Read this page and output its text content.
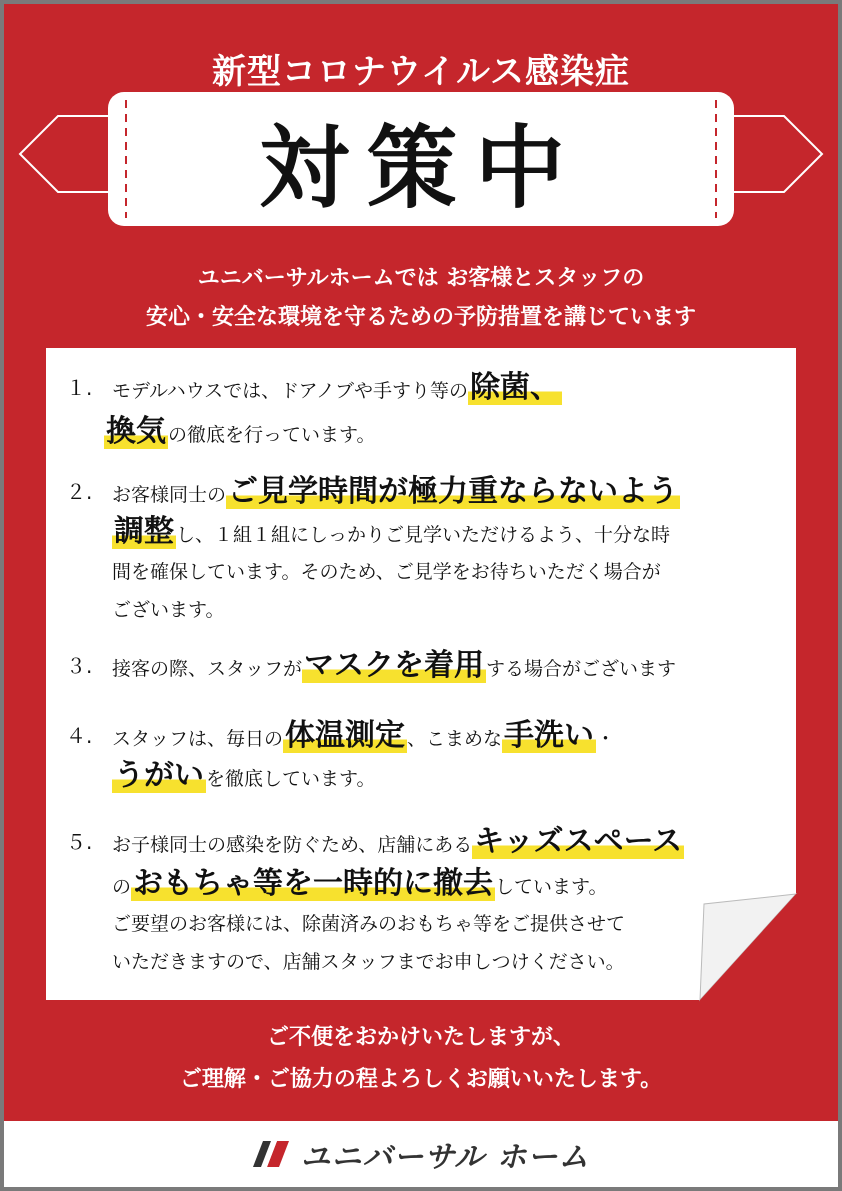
新型コロナウイルス感染症
対策中
ユニバーサルホームでは お客様とスタッフの
安心・安全な環境を守るための予防措置を講じています
１.	モデルハウスでは、ドアノブや手すり等の除菌、
換気 の徹底を行っています。
２.	お客様同士のご見学時間が極力重ならないよう
調整 し、１組１組にしっかりご見学いただけるよう、十分な時
間を確保しています。そのため、ご見学をお待ちいただく場合が
ございます。
３.	接客の際、スタッフがマスクを着用 する場合がございます
４.	スタッフは、毎日の体温測定 、こまめな手洗い ・
うがい を徹底しています。
５.	お子様同士の感染を防ぐため、店舗にあるキッズスペース
のおもちゃ等を一時的に撤去 しています。
ご要望のお客様には、除菌済みのおもちゃ等をご提供させて
いただきますので、店舗スタッフまでお申しつけください。
ご不便をおかけいたしますが、
ご理解・ご協力の程よろしくお願いいたします。
ユニバーサル ホーム
